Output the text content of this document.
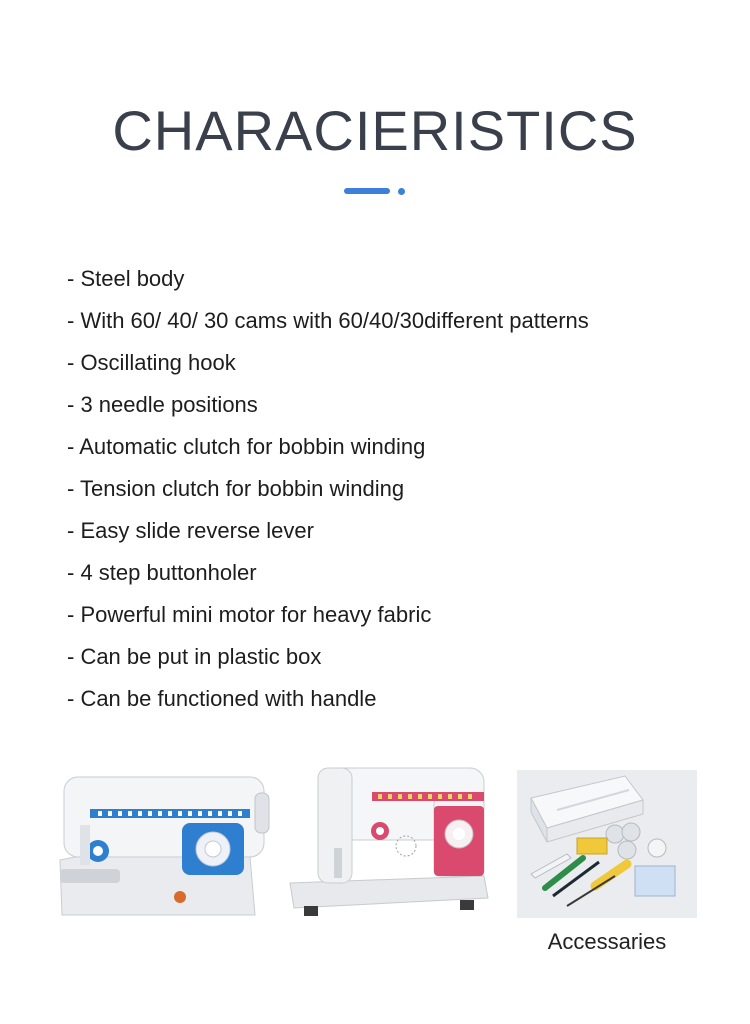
CHARACIERISTICS
- Steel body
- With 60/ 40/ 30 cams with 60/40/30different patterns
- Oscillating hook
- 3 needle positions
- Automatic clutch for bobbin winding
- Tension clutch for bobbin winding
- Easy slide reverse lever
- 4 step buttonholer
- Powerful mini motor for heavy fabric
- Can be put in plastic box
- Can be functioned with handle
Accessaries
